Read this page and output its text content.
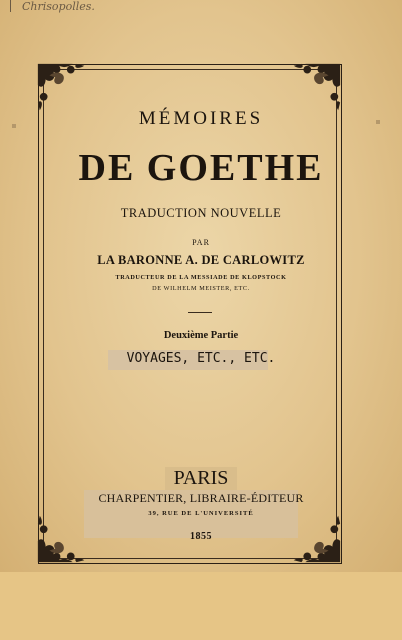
Chrisopolles.
MÉMOIRES
DE GOETHE
TRADUCTION NOUVELLE
PAR
LA BARONNE A. DE CARLOWITZ
TRADUCTEUR DE LA MESSIADE DE KLOPSTOCK
DE WILHELM MEISTER, ETC.
Deuxième Partie
VOYAGES, ETC., ETC.
PARIS
CHARPENTIER, LIBRAIRE-ÉDITEUR
39, RUE DE L'UNIVERSITÉ
1855
